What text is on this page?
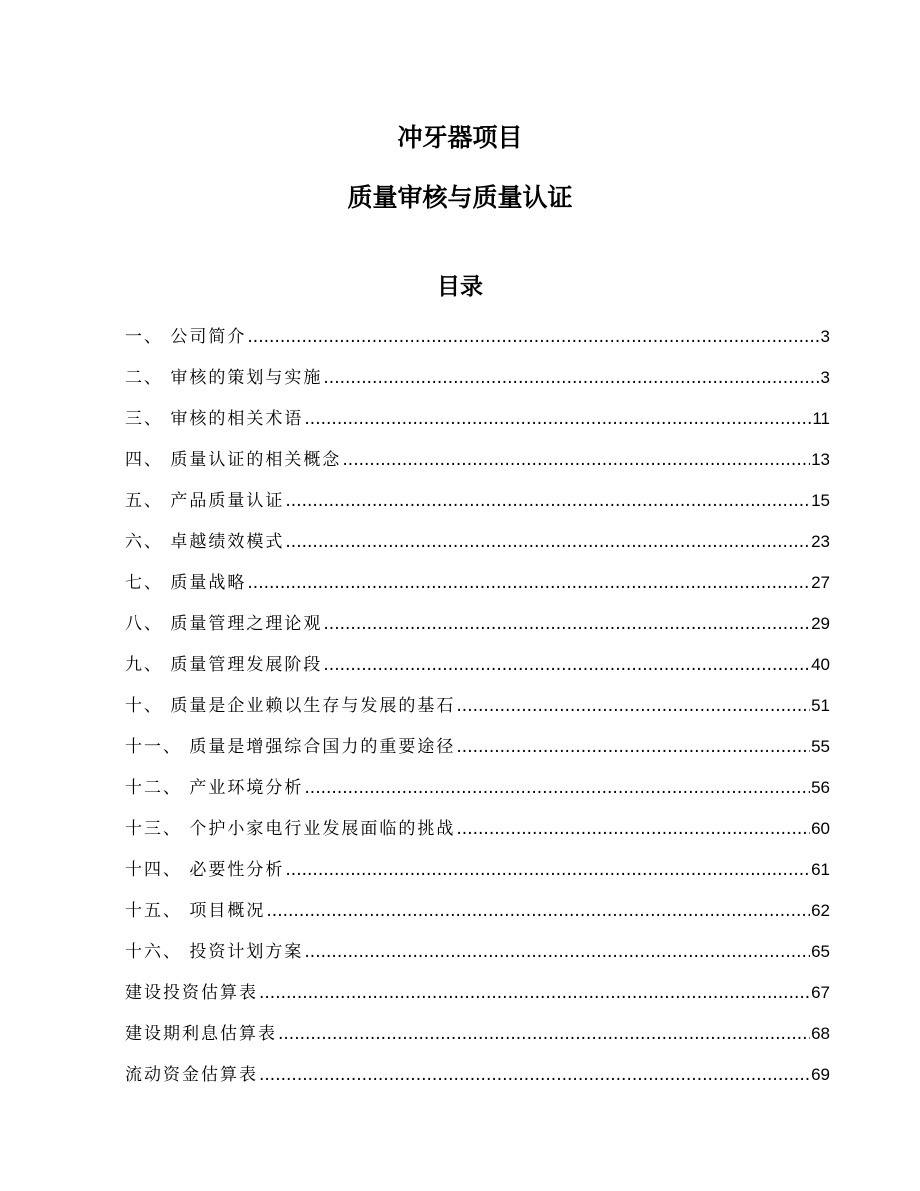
冲牙器项目
质量审核与质量认证
目录
一、 公司简介 .....	3
二、 审核的策划与实施 .....	3
三、 审核的相关术语 .....	11
四、 质量认证的相关概念 .....	13
五、 产品质量认证 .....	15
六、 卓越绩效模式 .....	23
七、 质量战略 .....	27
八、 质量管理之理论观 .....	29
九、 质量管理发展阶段 .....	40
十、 质量是企业赖以生存与发展的基石 .....	51
十一、 质量是增强综合国力的重要途径 .....	55
十二、 产业环境分析 .....	56
十三、 个护小家电行业发展面临的挑战 .....	60
十四、 必要性分析 .....	61
十五、 项目概况 .....	62
十六、 投资计划方案 .....	65
建设投资估算表 .....	67
建设期利息估算表 .....	68
流动资金估算表 .....	69
